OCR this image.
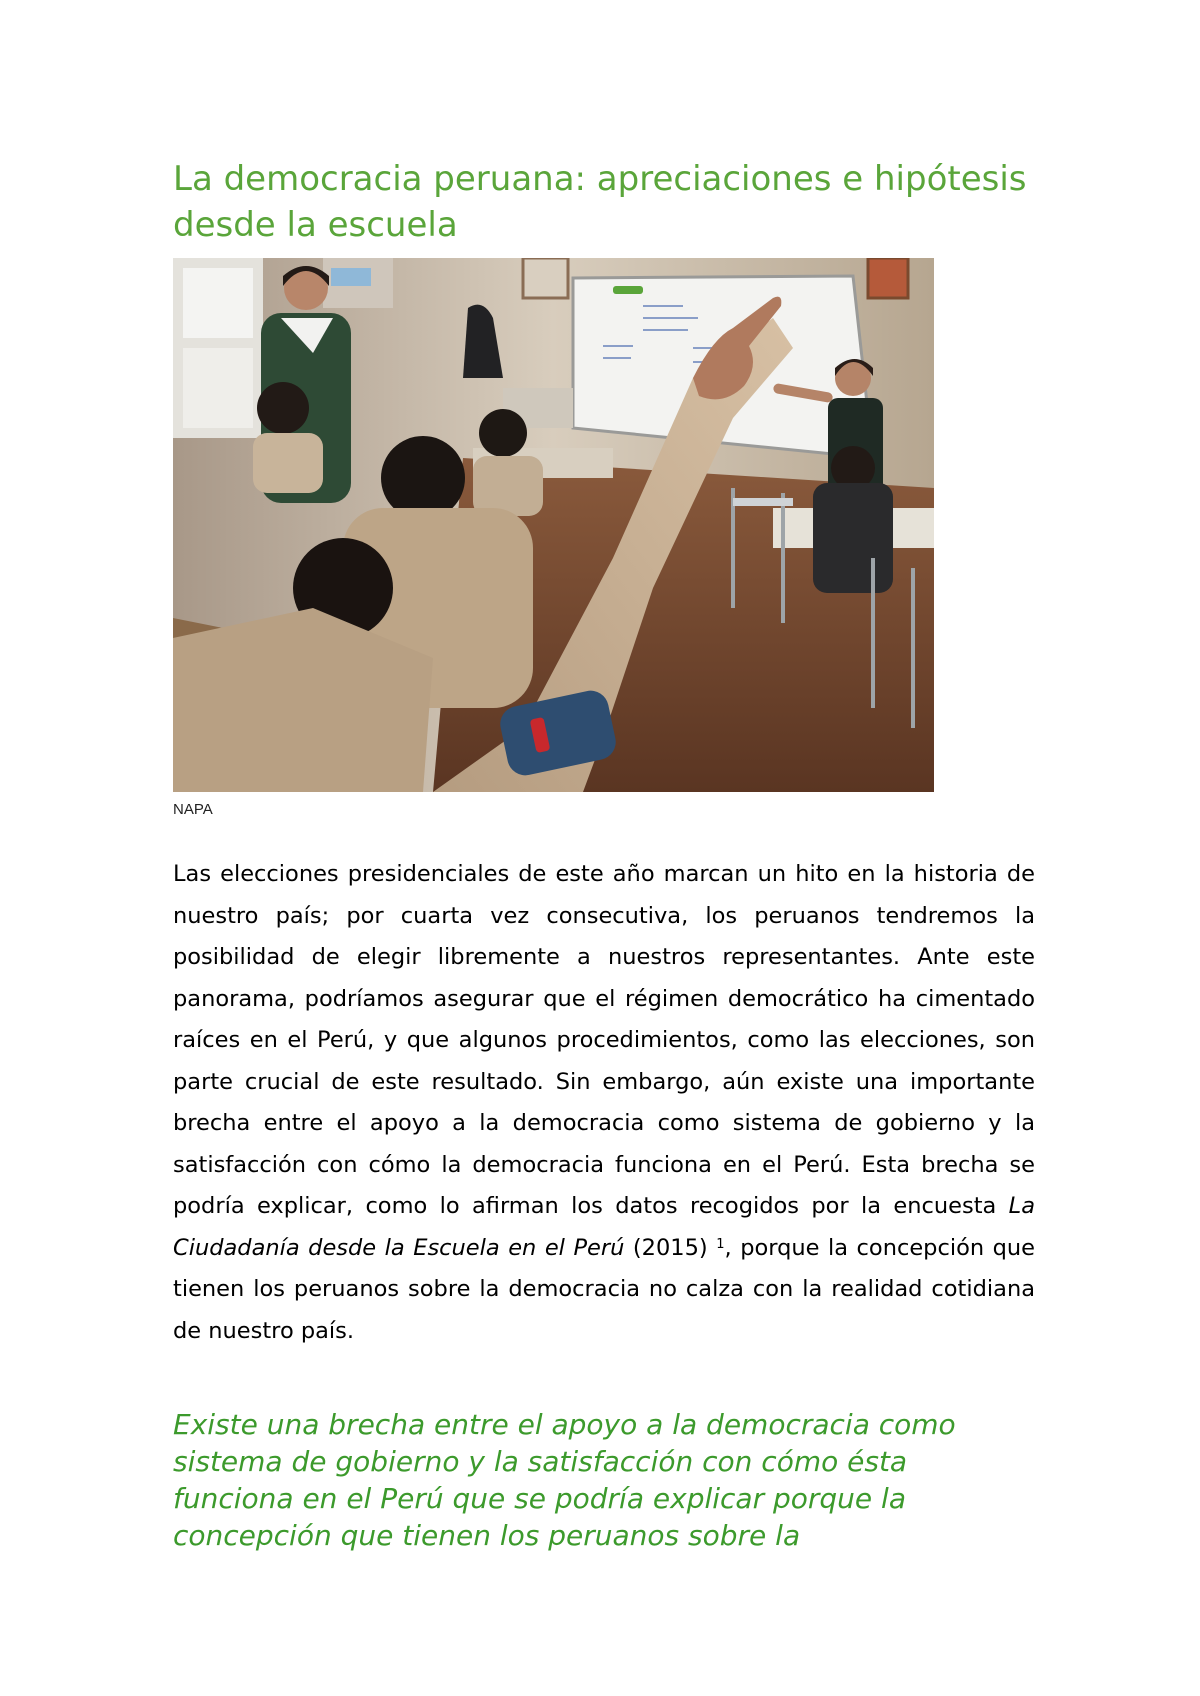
La democracia peruana: apreciaciones e hipótesis desde la escuela
NAPA

Las elecciones presidenciales de este año marcan un hito en la historia de nuestro país; por cuarta vez consecutiva, los peruanos tendremos la posibilidad de elegir libremente a nuestros representantes. Ante este panorama, podríamos asegurar que el régimen democrático ha cimentado raíces en el Perú, y que algunos procedimientos, como las elecciones, son parte crucial de este resultado. Sin embargo, aún existe una importante brecha entre el apoyo a la democracia como sistema de gobierno y la satisfacción con cómo la democracia funciona en el Perú. Esta brecha se podría explicar, como lo afirman los datos recogidos por la encuesta La Ciudadanía desde la Escuela en el Perú (2015) $^1$, porque la concepción que tienen los peruanos sobre la democracia no calza con la realidad cotidiana de nuestro país.

Existe una brecha entre el apoyo a la democracia como sistema de gobierno y la satisfacción con cómo ésta funciona en el Perú que se podría explicar porque la concepción que tienen los peruanos sobre la
